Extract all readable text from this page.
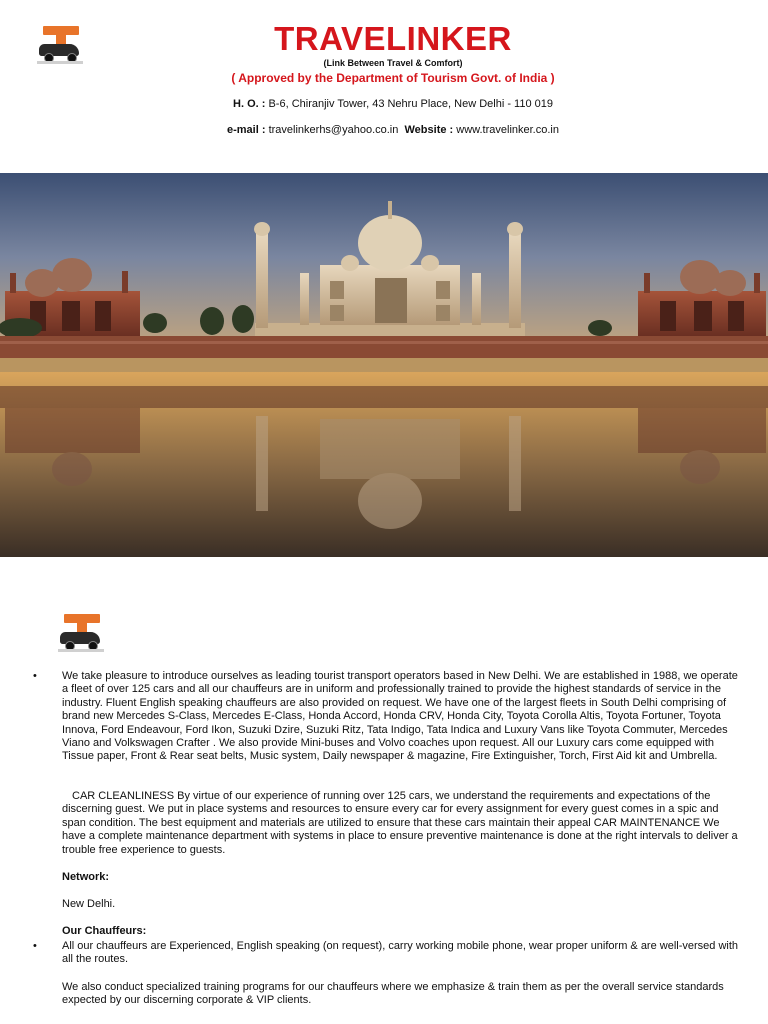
TRAVELINKER
(Link Between Travel & Comfort)
( Approved by the Department of Tourism Govt. of India )
H. O. : B-6, Chiranjiv Tower, 43 Nehru Place, New Delhi - 110 019
e-mail : travelinkerhs@yahoo.co.in Website : www.travelinker.co.in
• We take pleasure to introduce ourselves as leading tourist transport operators based in New Delhi. We are established in 1988, we operate a fleet of over 125 cars and all our chauffeurs are in uniform and professionally trained to provide the highest standards of service in the industry. Fluent English speaking chauffeurs are also provided on request. We have one of the largest fleets in South Delhi comprising of brand new Mercedes S-Class, Mercedes E-Class, Honda Accord, Honda CRV, Honda City, Toyota Corolla Altis, Toyota Fortuner, Toyota Innova, Ford Endeavour, Ford Ikon, Suzuki Dzire, Suzuki Ritz, Tata Indigo, Tata Indica and Luxury Vans like Toyota Commuter, Mercedes Viano and Volkswagen Crafter . We also provide Mini-buses and Volvo coaches upon request. All our Luxury cars come equipped with Tissue paper, Front & Rear seat belts, Music system, Daily newspaper & magazine, Fire Extinguisher, Torch, First Aid kit and Umbrella.
CAR CLEANLINESS By virtue of our experience of running over 125 cars, we understand the requirements and expectations of the discerning guest. We put in place systems and resources to ensure every car for every assignment for every guest comes in a spic and span condition. The best equipment and materials are utilized to ensure that these cars maintain their appeal CAR MAINTENANCE We have a complete maintenance department with systems in place to ensure preventive maintenance is done at the right intervals to deliver a trouble free experience to guests.
Network:
New Delhi.
Our Chauffeurs:
• All our chauffeurs are Experienced, English speaking (on request), carry working mobile phone, wear proper uniform & are well-versed with all the routes.
We also conduct specialized training programs for our chauffeurs where we emphasize & train them as per the overall service standards expected by our discerning corporate & VIP clients.
